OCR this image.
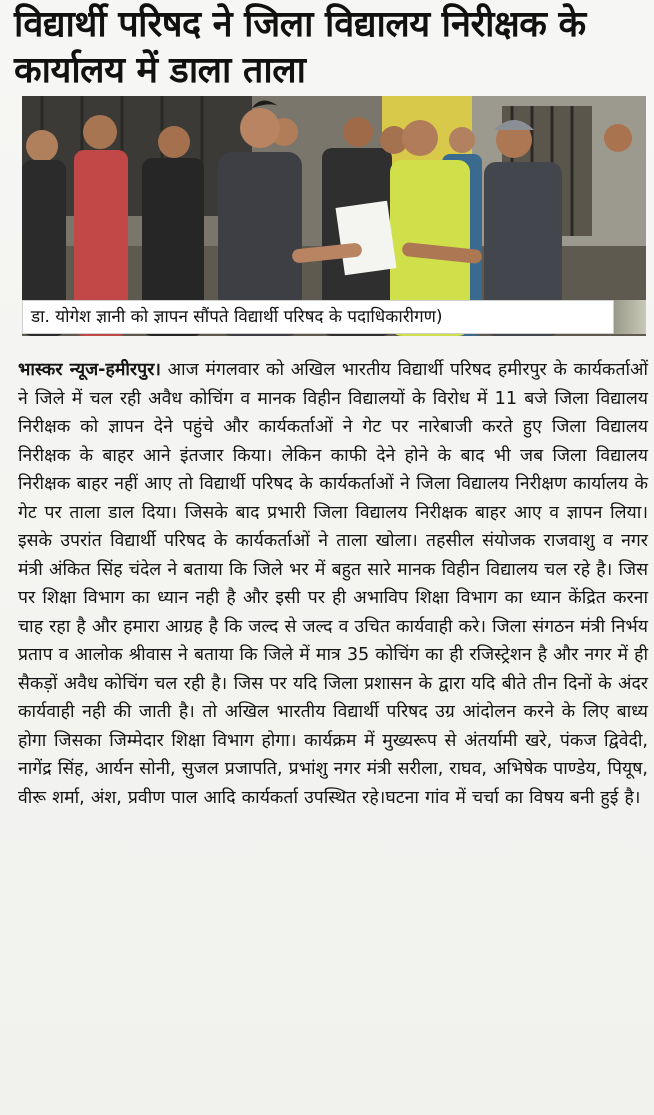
विद्यार्थी परिषद ने जिला विद्यालय निरीक्षक के कार्यालय में डाला ताला
डा. योगेश ज्ञानी को ज्ञापन सौंपते विद्यार्थी परिषद के पदाधिकारीगण)

भास्कर न्यूज-हमीरपुर। आज मंगलवार को अखिल भारतीय विद्यार्थी परिषद हमीरपुर के कार्यकर्ताओं ने जिले में चल रही अवैध कोचिंग व मानक विहीन विद्यालयों के विरोध में 11 बजे जिला विद्यालय निरीक्षक को ज्ञापन देने पहुंचे और कार्यकर्ताओं ने गेट पर नारेबाजी करते हुए जिला विद्यालय निरीक्षक के बाहर आने इंतजार किया। लेकिन काफी देने होने के बाद भी जब जिला विद्यालय निरीक्षक बाहर नहीं आए तो विद्यार्थी परिषद के कार्यकर्ताओं ने जिला विद्यालय निरीक्षण कार्यालय के गेट पर ताला डाल दिया। जिसके बाद प्रभारी जिला विद्यालय निरीक्षक बाहर आए व ज्ञापन लिया। इसके उपरांत विद्यार्थी परिषद के कार्यकर्ताओं ने ताला खोला। तहसील संयोजक राजवाशु व नगर मंत्री अंकित सिंह चंदेल ने बताया कि जिले भर में बहुत सारे मानक विहीन विद्यालय चल रहे है। जिस पर शिक्षा विभाग का ध्यान नही है और इसी पर ही अभाविप शिक्षा विभाग का ध्यान केंद्रित करना चाह रहा है और हमारा आग्रह है कि जल्द से जल्द व उचित कार्यवाही करे। जिला संगठन मंत्री निर्भय प्रताप व आलोक श्रीवास ने बताया कि जिले में मात्र 35 कोचिंग का ही रजिस्ट्रेशन है और नगर में ही सैकड़ों अवैध कोचिंग चल रही है। जिस पर यदि जिला प्रशासन के द्वारा यदि बीते तीन दिनों के अंदर कार्यवाही नही की जाती है। तो अखिल भारतीय विद्यार्थी परिषद उग्र आंदोलन करने के लिए बाध्य होगा जिसका जिम्मेदार शिक्षा विभाग होगा। कार्यक्रम में मुख्यरूप से अंतर्यामी खरे, पंकज द्विवेदी, नागेंद्र सिंह, आर्यन सोनी, सुजल प्रजापति, प्रभांशु नगर मंत्री सरीला, राघव, अभिषेक पाण्डेय, पियूष, वीरू शर्मा, अंश, प्रवीण पाल आदि कार्यकर्ता उपस्थित रहे।घटना गांव में चर्चा का विषय बनी हुई है।
